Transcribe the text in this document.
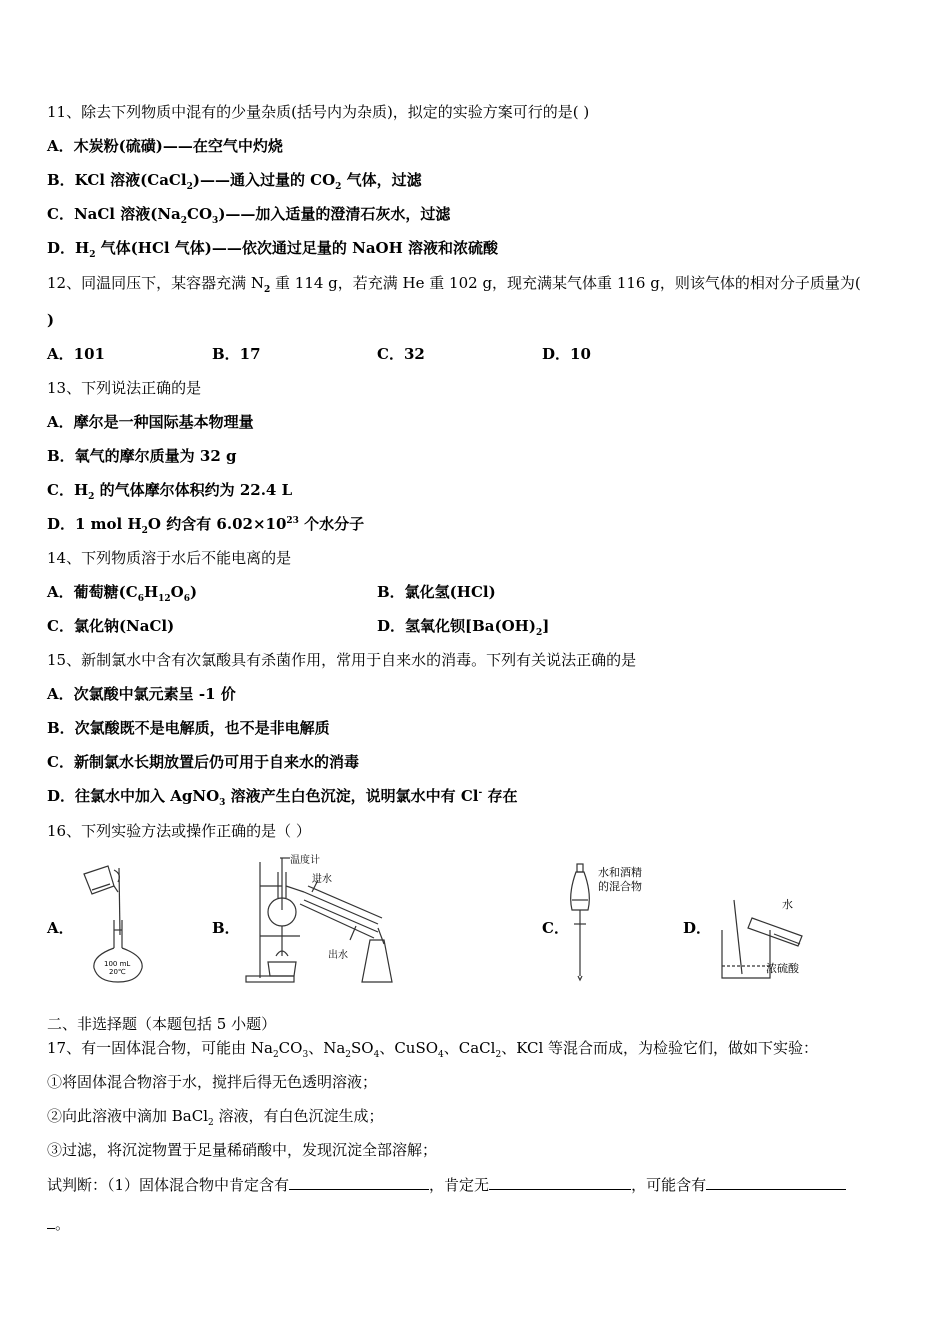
11、除去下列物质中混有的少量杂质(括号内为杂质)，拟定的实验方案可行的是( )
A．木炭粉(硫磺)——在空气中灼烧
B．KCl 溶液(CaCl$_2$)——通入过量的 $CO_2$ 气体，过滤
C．NaCl 溶液$(Na_2CO_3)——$加入适量的澄清石灰水，过滤
D．$H_2$ 气体(HCl 气体)——依次通过足量的 NaOH 溶液和浓硫酸
12、同温同压下，某容器充满 $N_2$ 重 114 g，若充满 He 重 102 g，现充满某气体重 116 g，则该气体的相对分子质量为(
)
A．101	B．17	C．32	D．10
13、下列说法正确的是
A．摩尔是一种国际基本物理量
B．氧气的摩尔质量为 32 g
C．$H_2$ 的气体摩尔体积约为 22.4 L
D．1 mol $H_2O$ 约含有 $6.02\times 10^{23}$ 个水分子
14、下列物质溶于水后不能电离的是
A．葡萄糖$(C_6H_{12}O_6)$	B．氯化氢(HCl)
C．氯化钠(NaCl)	D．氢氧化钡$[Ba(OH)_2]$
15、新制氯水中含有次氯酸具有杀菌作用，常用于自来水的消毒。下列有关说法正确的是
A．次氯酸中氯元素呈 -1 价
B．次氯酸既不是电解质，也不是非电解质
C．新制氯水长期放置后仍可用于自来水的消毒
D．往氯水中加入 AgNO$_3$ 溶液产生白色沉淀，说明氯水中有 Cl- 存在
16、下列实验方法或操作正确的是（ ）
A．	B．	C．	D．
100 mL
20℃
温度计
进水
出水
水和酒精
的混合物
水
浓硫酸
二、非选择题（本题包括 5 小题）
17、有一固体混合物，可能由 $Na_2CO_3$、$Na_2SO_4$、CuSO$_4$、CaCl$_2$、KCl 等混合而成，为检验它们，做如下实验：
①将固体混合物溶于水，搅拌后得无色透明溶液；
②向此溶液中滴加 BaCl$_2$ 溶液，有白色沉淀生成；
③过滤，将沉淀物置于足量稀硝酸中，发现沉淀全部溶解；
试判断：（1）固体混合物中肯定含有	，肯定无	，可能含有
。
